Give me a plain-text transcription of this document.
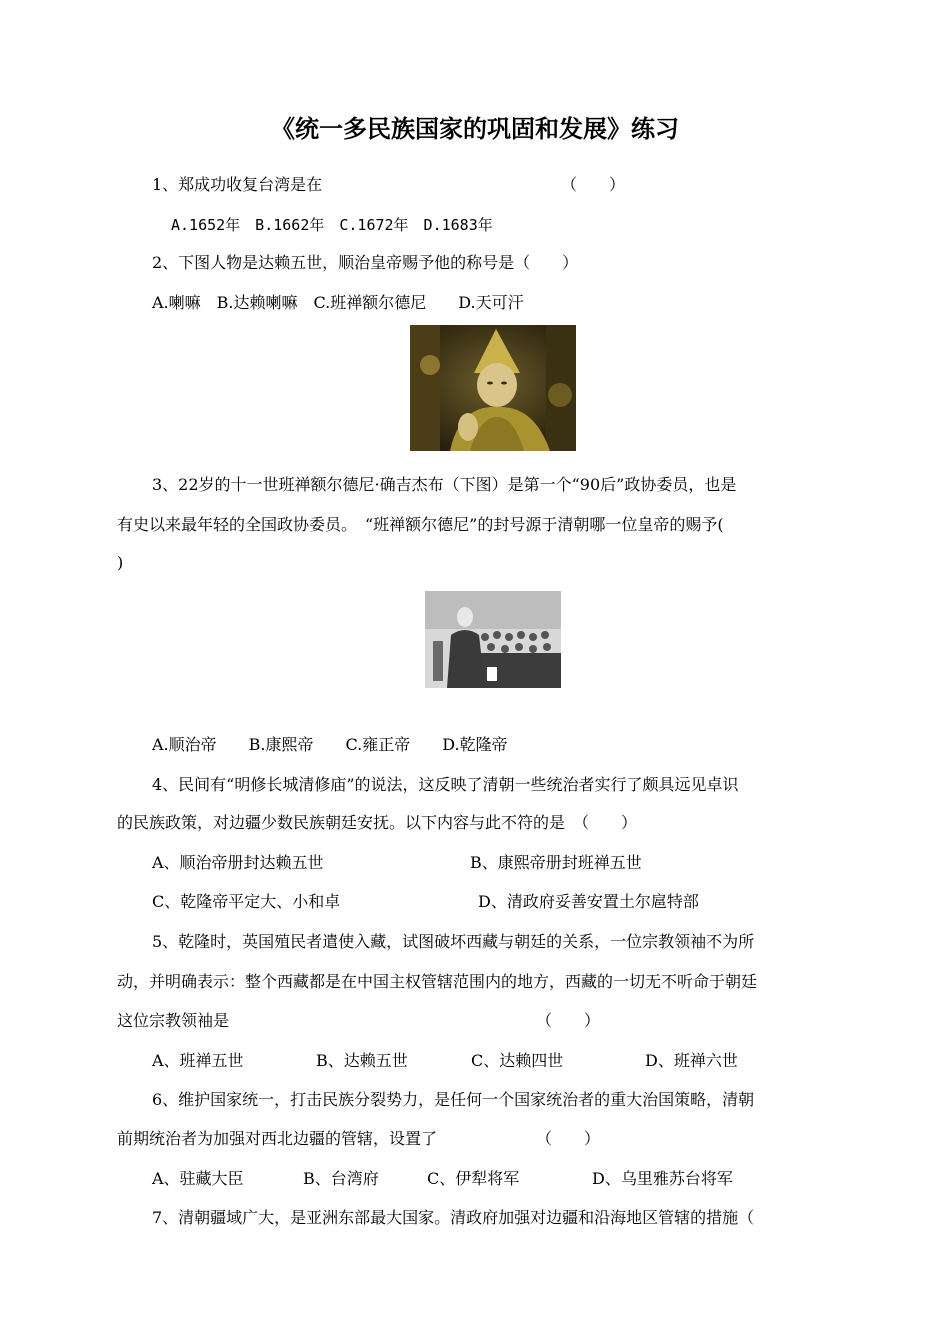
《统一多民族国家的巩固和发展》练习
1、郑成功收复台湾是在	（　　）
A.1652年　B.1662年　C.1672年　D.1683年
2、下图人物是达赖五世，顺治皇帝赐予他的称号是（　　）
A.喇嘛　B.达赖喇嘛　C.班禅额尔德尼　　D.天可汗
3、22岁的十一世班禅额尔德尼·确吉杰布（下图）是第一个“90后”政协委员，也是
有史以来最年轻的全国政协委员。　“班禅额尔德尼”的封号源于清朝哪一位皇帝的赐予(
)
A.顺治帝　　B.康熙帝　　C.雍正帝　　D.乾隆帝
4、民间有“明修长城清修庙”的说法，这反映了清朝一些统治者实行了颇具远见卓识
的民族政策，对边疆少数民族朝廷安抚。以下内容与此不符的是　（　　）
A、顺治帝册封达赖五世	B、康熙帝册封班禅五世
C、乾隆帝平定大、小和卓	D、清政府妥善安置土尔扈特部
5、乾隆时，英国殖民者遣使入藏，试图破坏西藏与朝廷的关系，一位宗教领袖不为所
动，并明确表示：整个西藏都是在中国主权管辖范围内的地方，西藏的一切无不听命于朝廷
这位宗教领袖是	（　　）
A、班禅五世	B、达赖五世	C、达赖四世	D、班禅六世
6、维护国家统一，打击民族分裂势力，是任何一个国家统治者的重大治国策略，清朝
前期统治者为加强对西北边疆的管辖，设置了	（　　）
A、驻藏大臣	B、台湾府	C、伊犁将军	D、乌里雅苏台将军
7、清朝疆域广大，是亚洲东部最大国家。清政府加强对边疆和沿海地区管辖的措施（
